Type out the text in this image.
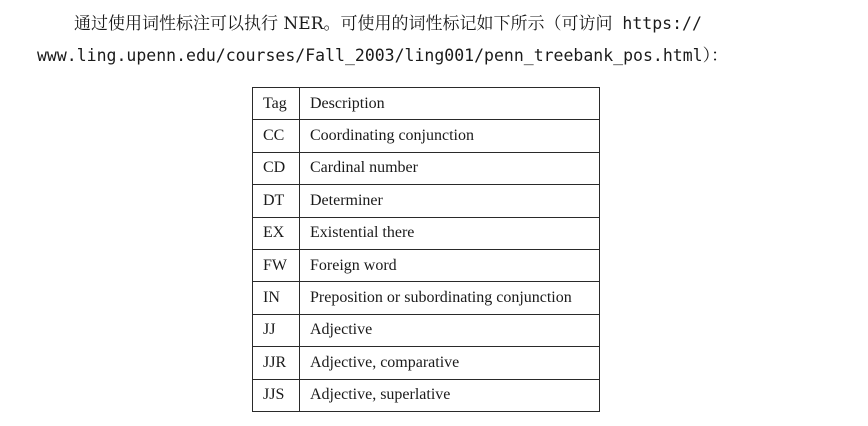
通过使用词性标注可以执行 NER。可使用的词性标记如下所示（可访问 https://
www.ling.upenn.edu/courses/Fall_2003/ling001/penn_treebank_pos.html）：

Tag	Description
CC	Coordinating conjunction
CD	Cardinal number
DT	Determiner
EX	Existential there
FW	Foreign word
IN	Preposition or subordinating conjunction
JJ	Adjective
JJR	Adjective, comparative
JJS	Adjective, superlative
